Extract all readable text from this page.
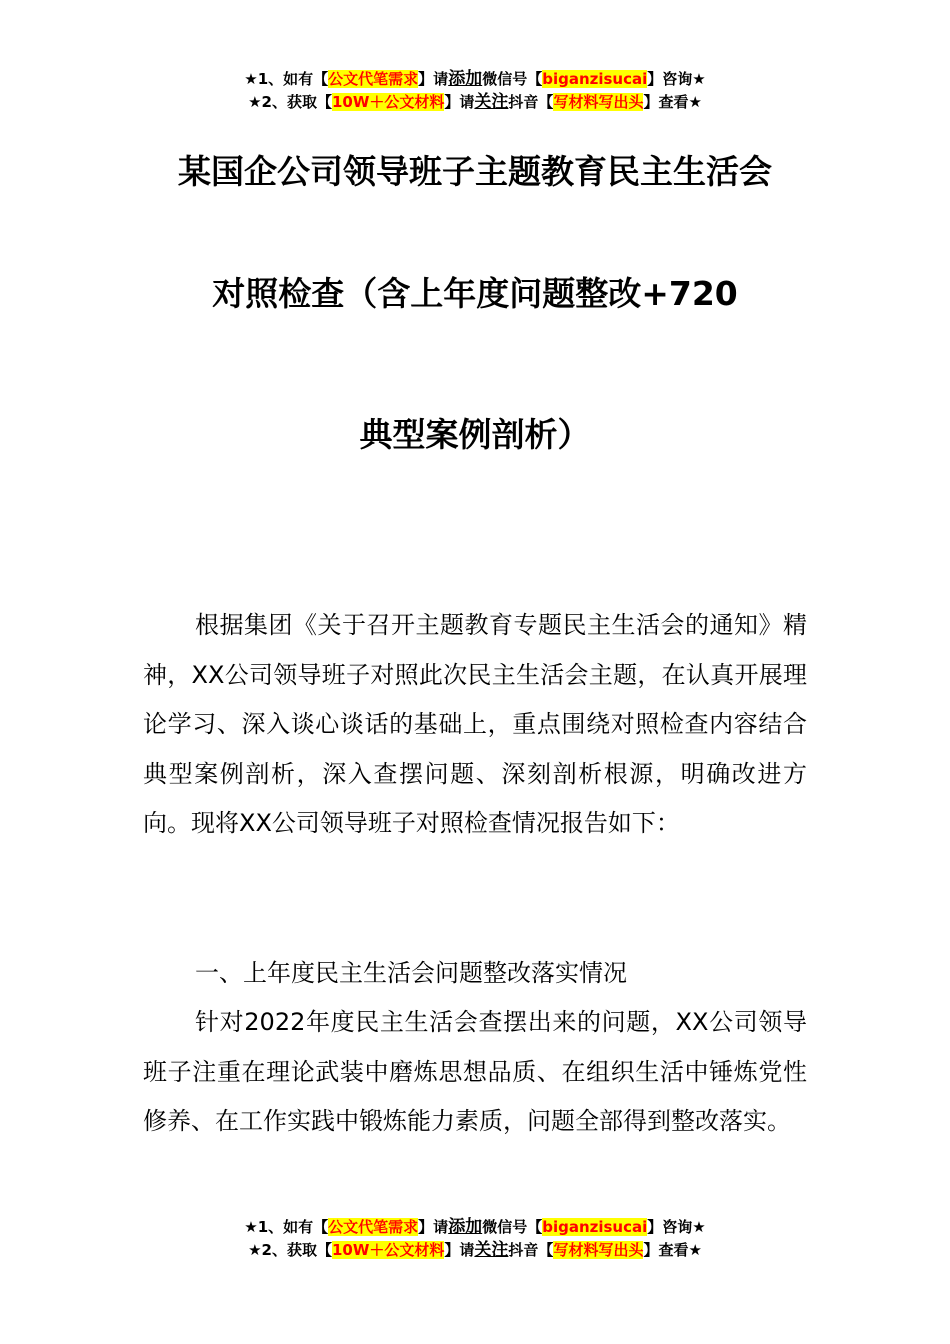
★1、如有【公文代笔需求】请添加微信号【biganzisucai】咨询★
★2、获取【10W＋公文材料】请关注抖音【写材料写出头】查看★
某国企公司领导班子主题教育民主生活会
对照检查（含上年度问题整改+720
典型案例剖析）
根据集团《关于召开主题教育专题民主生活会的通知》精神，XX公司领导班子对照此次民主生活会主题，在认真开展理论学习、深入谈心谈话的基础上，重点围绕对照检查内容结合典型案例剖析，深入查摆问题、深刻剖析根源，明确改进方向。现将XX公司领导班子对照检查情况报告如下：
一、上年度民主生活会问题整改落实情况
针对2022年度民主生活会查摆出来的问题，XX公司领导班子注重在理论武装中磨炼思想品质、在组织生活中锤炼党性修养、在工作实践中锻炼能力素质，问题全部得到整改落实。
★1、如有【公文代笔需求】请添加微信号【biganzisucai】咨询★
★2、获取【10W＋公文材料】请关注抖音【写材料写出头】查看★
